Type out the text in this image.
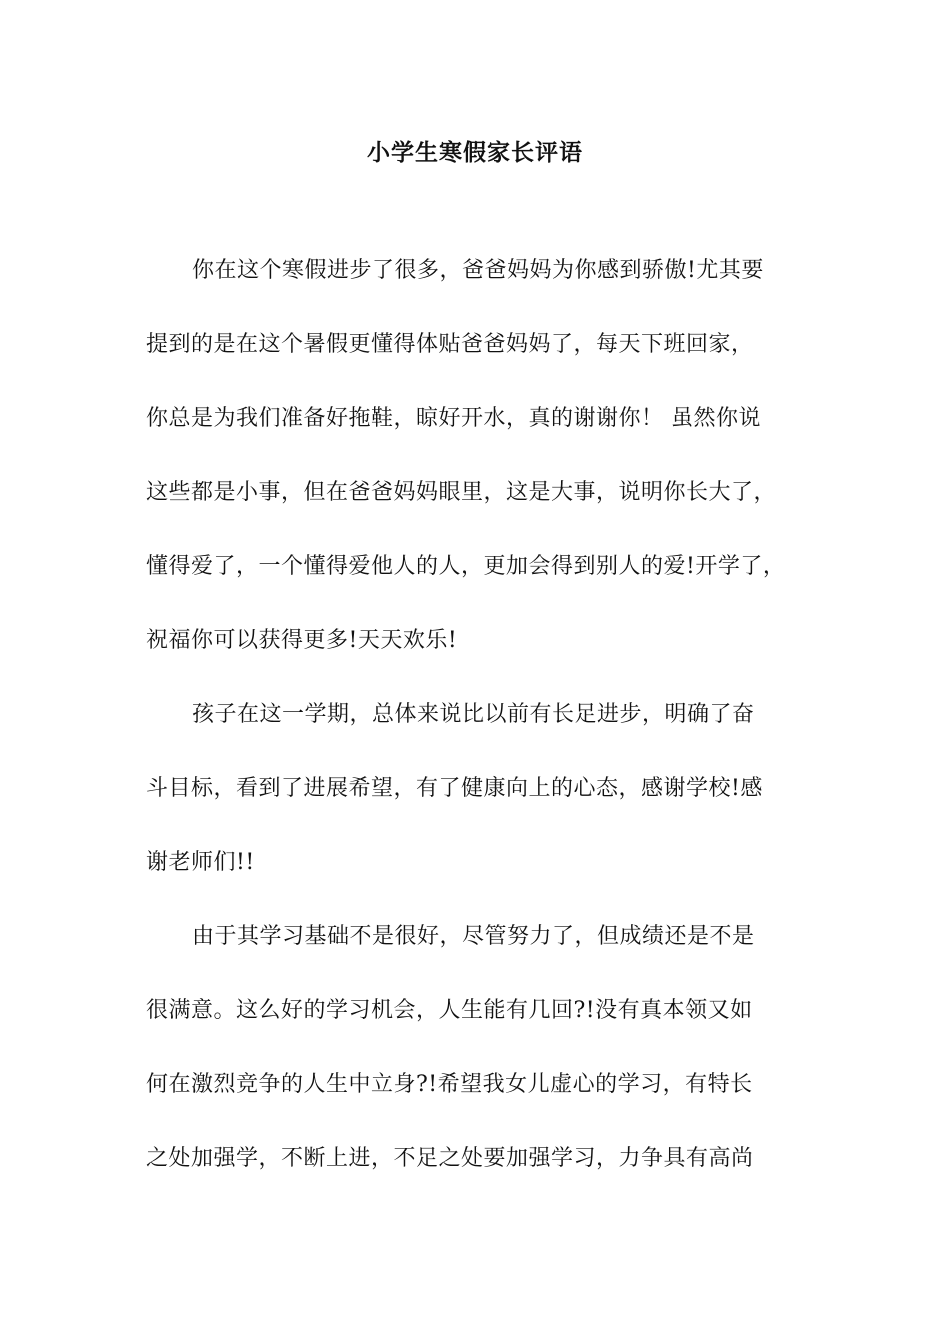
小学生寒假家长评语
你在这个寒假进步了很多，爸爸妈妈为你感到骄傲!尤其要
提到的是在这个暑假更懂得体贴爸爸妈妈了，每天下班回家，
你总是为我们准备好拖鞋，晾好开水，真的谢谢你！ 虽然你说
这些都是小事，但在爸爸妈妈眼里，这是大事，说明你长大了，
懂得爱了，一个懂得爱他人的人，更加会得到别人的爱!开学了，
祝福你可以获得更多!天天欢乐!
孩子在这一学期，总体来说比以前有长足进步，明确了奋
斗目标，看到了进展希望，有了健康向上的心态，感谢学校!感
谢老师们!!
由于其学习基础不是很好，尽管努力了，但成绩还是不是
很满意。这么好的学习机会，人生能有几回?!没有真本领又如
何在激烈竞争的人生中立身?!希望我女儿虚心的学习，有特长
之处加强学，不断上进，不足之处要加强学习，力争具有高尚
